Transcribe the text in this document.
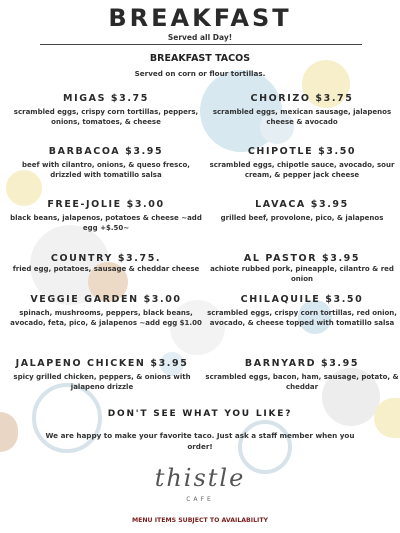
BREAKFAST
Served all Day!
BREAKFAST TACOS
Served on corn or flour tortillas.
MIGAS $3.75
scrambled eggs, crispy corn tortillas, peppers, onions, tomatoes, & cheese
CHORIZO $3.75
scrambled eggs, mexican sausage, jalapenos cheese & avocado
BARBACOA $3.95
beef with cilantro, onions, & queso fresco, drizzled with tomatillo salsa
CHIPOTLE $3.50
scrambled eggs, chipotle sauce, avocado, sour cream, & pepper jack cheese
FREE-JOLIE $3.00
black beans, jalapenos, potatoes & cheese ~add egg +$.50~
LAVACA $3.95
grilled beef, provolone, pico, & jalapenos
COUNTRY $3.75.
fried egg, potatoes, sausage & cheddar cheese
AL PASTOR $3.95
achiote rubbed pork, pineapple, cilantro & red onion
VEGGIE GARDEN $3.00
spinach, mushrooms, peppers, black beans, avocado, feta, pico, & jalapenos ~add egg $1.00
CHILAQUILE $3.50
scrambled eggs, crispy corn tortillas, red onion, avocado, & cheese topped with tomatillo salsa
JALAPENO CHICKEN $3.95
spicy grilled chicken, peppers, & onions with jalapeno drizzle
BARNYARD $3.95
scrambled eggs, bacon, ham, sausage, potato, & cheddar
DON'T SEE WHAT YOU LIKE?
We are happy to make your favorite taco. Just ask a staff member when you order!
thistle
CAFE
MENU ITEMS SUBJECT TO AVAILABILITY
